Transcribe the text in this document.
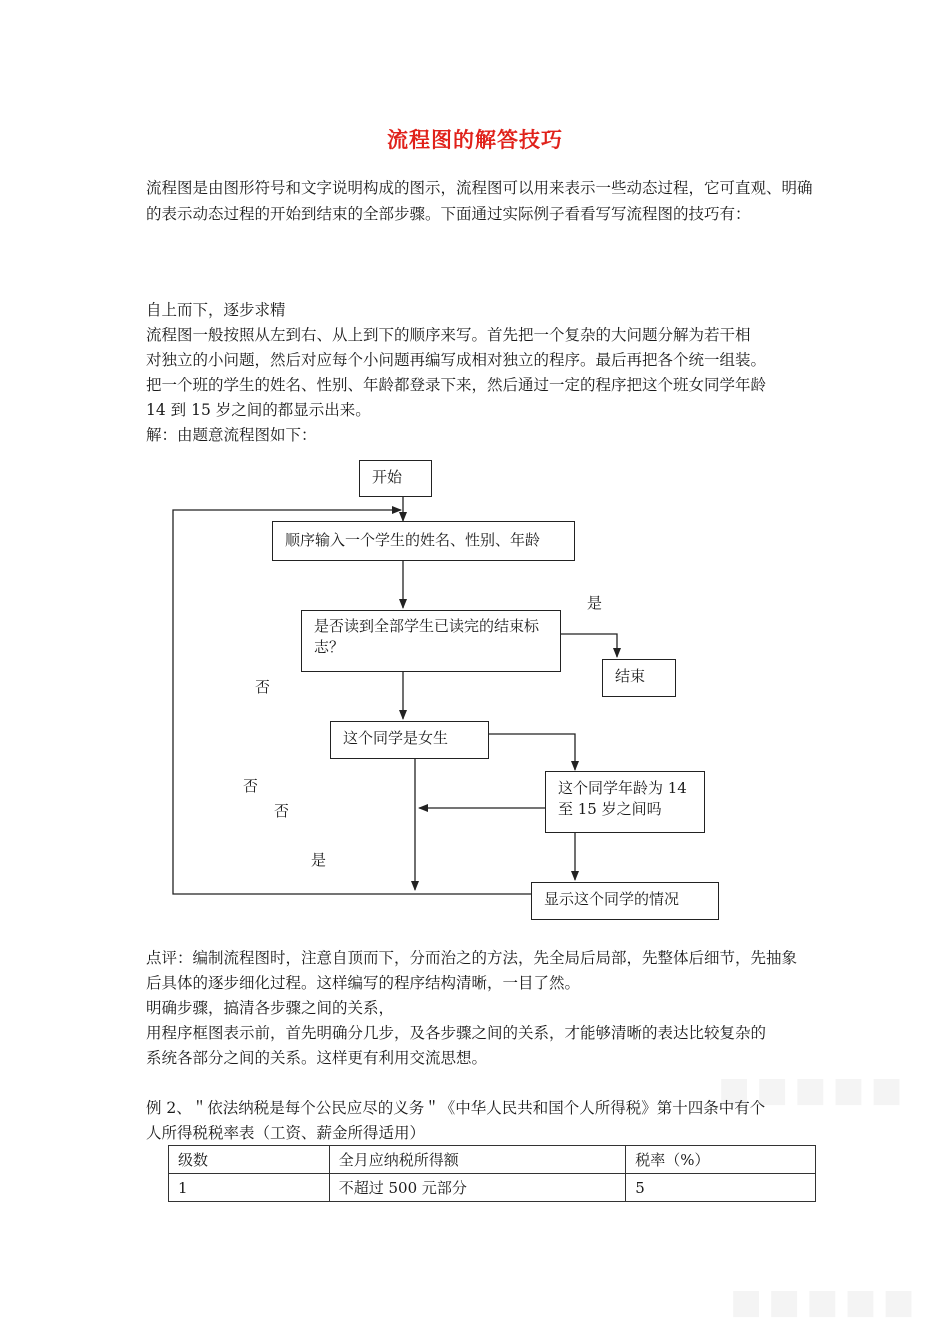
流程图的解答技巧
流程图是由图形符号和文字说明构成的图示，流程图可以用来表示一些动态过程，它可直观、明确的表示动态过程的开始到结束的全部步骤。下面通过实际例子看看写写流程图的技巧有：
自上而下，逐步求精
流程图一般按照从左到右、从上到下的顺序来写。首先把一个复杂的大问题分解为若干相
对独立的小问题，然后对应每个小问题再编写成相对独立的程序。最后再把各个统一组装。
把一个班的学生的姓名、性别、年龄都登录下来，然后通过一定的程序把这个班女同学年龄
14 到 15 岁之间的都显示出来。
解：由题意流程图如下：
开始
顺序输入一个学生的姓名、性别、年龄
是否读到全部学生已读完的结束标志？
结束
这个同学是女生
这个同学年龄为 14 至 15 岁之间吗
显示这个同学的情况
是
否
否
否
是
点评：编制流程图时，注意自顶而下，分而治之的方法，先全局后局部，先整体后细节，先抽象
后具体的逐步细化过程。这样编写的程序结构清晰，一目了然。
明确步骤，搞清各步骤之间的关系，
用程序框图表示前，首先明确分几步，及各步骤之间的关系，才能够清晰的表达比较复杂的
系统各部分之间的关系。这样更有利用交流思想。
例 2、＂依法纳税是每个公民应尽的义务＂《中华人民共和国个人所得税》第十四条中有个
人所得税税率表（工资、薪金所得适用）
级数	全月应纳税所得额	税率（%）
1	不超过 500 元部分	5
